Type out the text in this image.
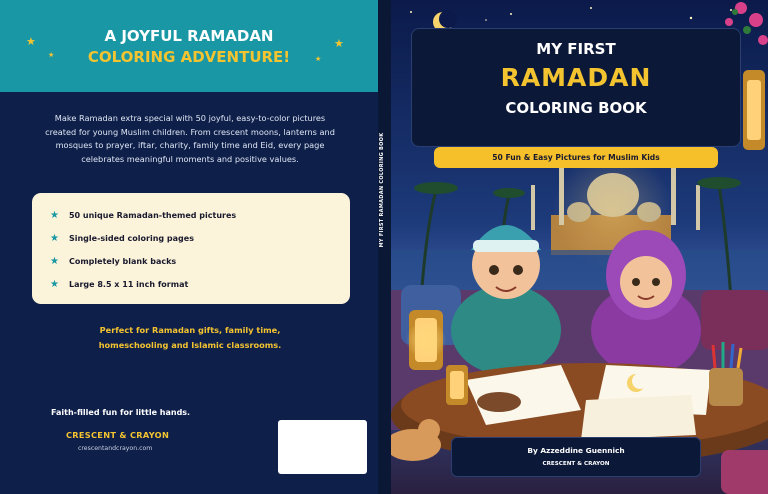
★
★
★
★
A JOYFUL RAMADAN
COLORING ADVENTURE!
Make Ramadan extra special with 50 joyful, easy-to-color pictures created for young Muslim children. From crescent moons, lanterns and mosques to prayer, iftar, charity, family time and Eid, every page celebrates meaningful moments and positive values.
★ 50 unique Ramadan-themed pictures
★ Single-sided coloring pages
★ Completely blank backs
★ Large 8.5 x 11 inch format
Perfect for Ramadan gifts, family time,
homeschooling and Islamic classrooms.
Faith-filled fun for little hands.
CRESCENT & CRAYON
crescentandcrayon.com
MY FIRST RAMADAN COLORING BOOK
MY FIRST
RAMADAN
COLORING BOOK
50 Fun & Easy Pictures for Muslim Kids
By Azzeddine Guennich
CRESCENT & CRAYON
